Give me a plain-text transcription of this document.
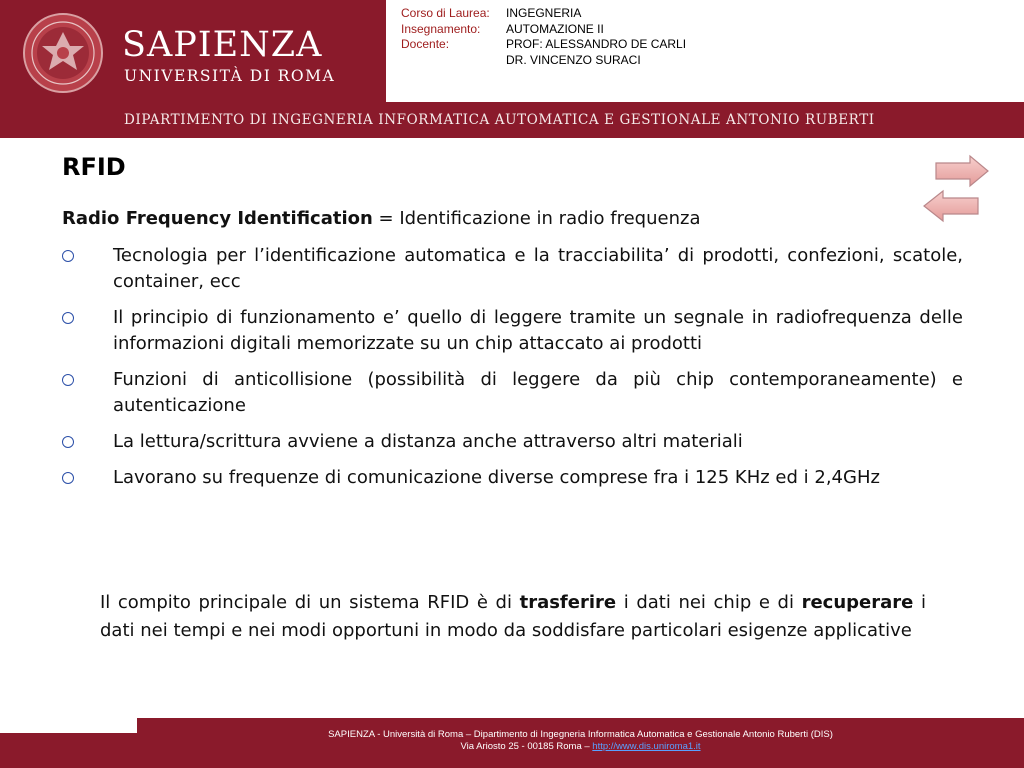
SAPIENZA
UNIVERSITÀ DI ROMA
Corso di Laurea: INGEGNERIA
Insegnamento: AUTOMAZIONE II
Docente:	PROF: ALESSANDRO DE CARLI
DR. VINCENZO SURACI
DIPARTIMENTO DI INGEGNERIA INFORMATICA AUTOMATICA E GESTIONALE ANTONIO RUBERTI
RFID
Radio Frequency Identification = Identificazione in radio frequenza
Tecnologia per l’identificazione automatica e la tracciabilita’ di prodotti, confezioni, scatole, container, ecc
Il principio di funzionamento e’ quello di leggere tramite un segnale in radiofrequenza delle informazioni digitali memorizzate su un chip attaccato ai prodotti
Funzioni di anticollisione (possibilità di leggere da più chip contemporaneamente) e autenticazione
La lettura/scrittura avviene a distanza anche attraverso altri materiali
Lavorano su frequenze di comunicazione diverse comprese fra i 125 KHz ed i 2,4GHz

Il compito principale di un sistema RFID è di trasferire i dati nei chip e di recuperare i dati nei tempi e nei modi opportuni in modo da soddisfare particolari esigenze applicative

SAPIENZA - Università di Roma – Dipartimento di Ingegneria Informatica Automatica e Gestionale Antonio Ruberti (DIS)
Via Ariosto 25 - 00185 Roma – http://www.dis.uniroma1.it
